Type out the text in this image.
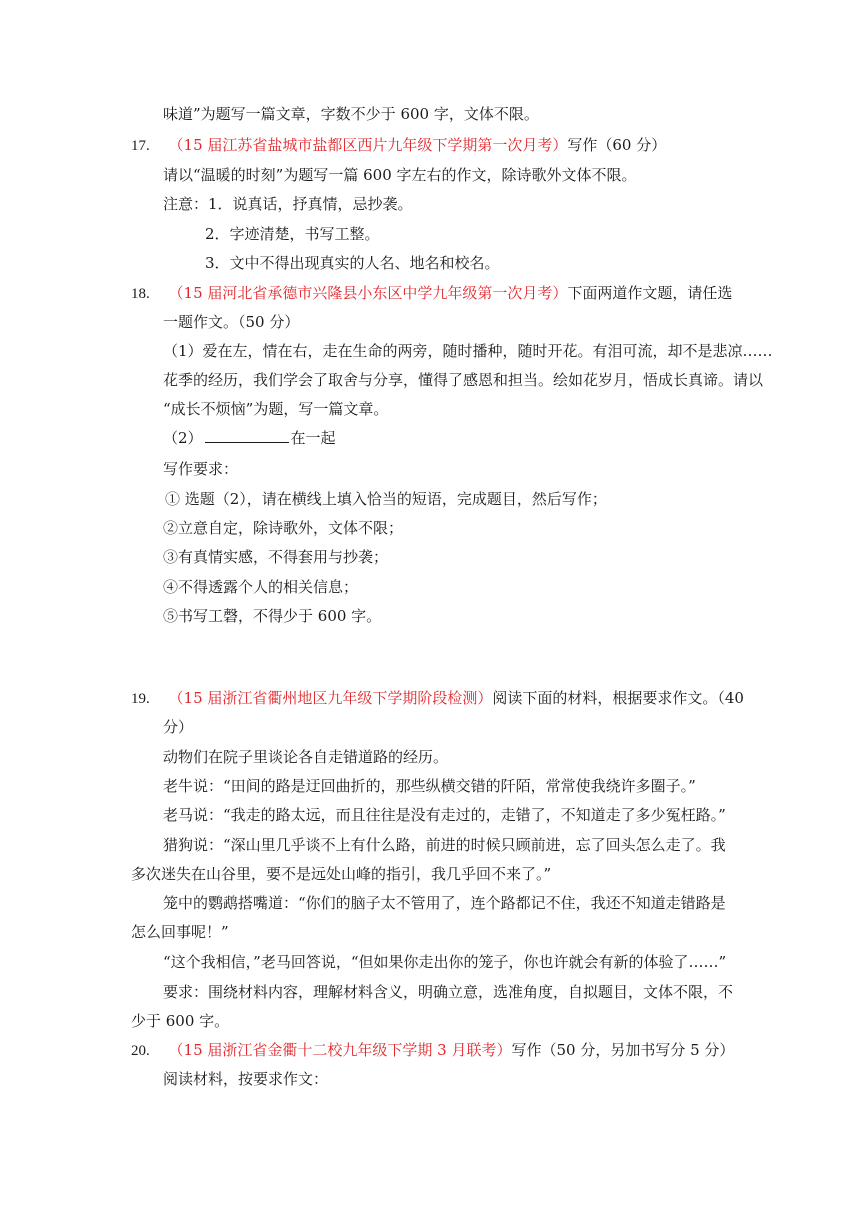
味道”为题写一篇文章，字数不少于 600 字，文体不限。
17. （15 届江苏省盐城市盐都区西片九年级下学期第一次月考）写作（60 分）
请以“温暖的时刻”为题写一篇 600 字左右的作文，除诗歌外文体不限。
注意：1．说真话，抒真情，忌抄袭。
2．字迹清楚，书写工整。
3．文中不得出现真实的人名、地名和校名。
18. （15 届河北省承德市兴隆县小东区中学九年级第一次月考）下面两道作文题，请任选
一题作文。（50 分）
（1）爱在左，情在右，走在生命的两旁，随时播种，随时开花。有泪可流，却不是悲凉……
花季的经历，我们学会了取舍与分享，懂得了感恩和担当。绘如花岁月，悟成长真谛。请以
“成长不烦恼”为题，写一篇文章。
（2）	在一起
写作要求：
① 选题（2），请在横线上填入恰当的短语，完成题目，然后写作；
②立意自定，除诗歌外，文体不限；
③有真情实感，不得套用与抄袭；
④不得透露个人的相关信息；
⑤书写工磬，不得少于 600 字。
19. （15 届浙江省衢州地区九年级下学期阶段检测）阅读下面的材料，根据要求作文。（40
分）
动物们在院子里谈论各自走错道路的经历。
老牛说：“田间的路是迂回曲折的，那些纵横交错的阡陌，常常使我绕许多圈子。”
老马说：“我走的路太远，而且往往是没有走过的，走错了，不知道走了多少冤枉路。”
猎狗说：“深山里几乎谈不上有什么路，前进的时候只顾前进，忘了回头怎么走了。我
多次迷失在山谷里，要不是远处山峰的指引，我几乎回不来了。”
笼中的鹦鹉搭嘴道：“你们的脑子太不管用了，连个路都记不住，我还不知道走错路是
怎么回事呢！”
“这个我相信，”老马回答说，“但如果你走出你的笼子，你也许就会有新的体验了……”
要求：围绕材料内容，理解材料含义，明确立意，选准角度，自拟题目，文体不限，不
少于 600 字。
20. （15 届浙江省金衢十二校九年级下学期 3 月联考）写作（50 分，另加书写分 5 分）
阅读材料，按要求作文：
